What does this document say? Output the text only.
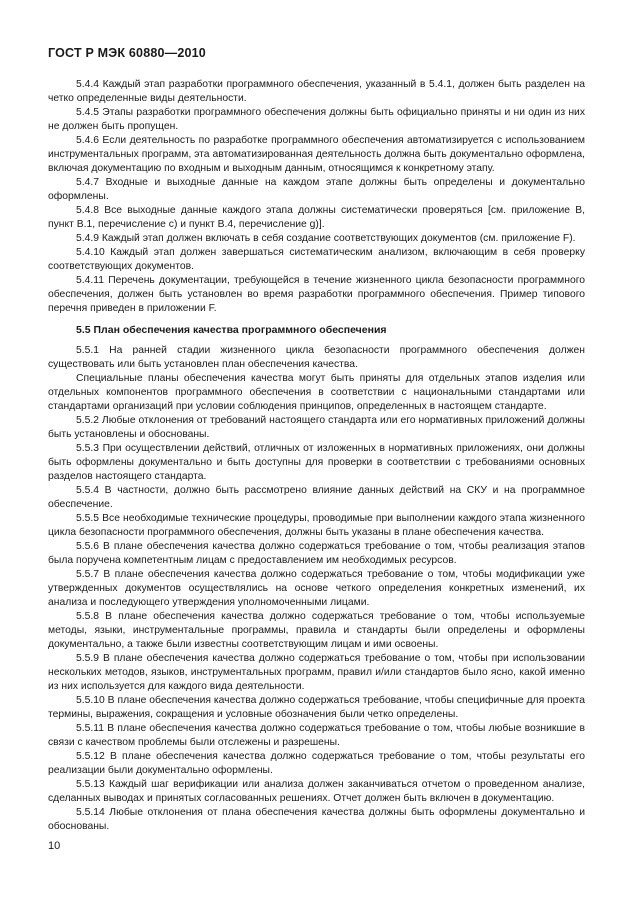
ГОСТ Р МЭК 60880—2010

5.4.4 Каждый этап разработки программного обеспечения, указанный в 5.4.1, должен быть разделен на четко определенные виды деятельности.

5.4.5 Этапы разработки программного обеспечения должны быть официально приняты и ни один из них не должен быть пропущен.

5.4.6 Если деятельность по разработке программного обеспечения автоматизируется с использованием инструментальных программ, эта автоматизированная деятельность должна быть документально оформлена, включая документацию по входным и выходным данным, относящимся к конкретному этапу.

5.4.7 Входные и выходные данные на каждом этапе должны быть определены и документально оформлены.

5.4.8 Все выходные данные каждого этапа должны систематически проверяться [см. приложение В, пункт В.1, перечисление с) и пункт В.4, перечисление g)].

5.4.9 Каждый этап должен включать в себя создание соответствующих документов (см. приложение F).

5.4.10 Каждый этап должен завершаться систематическим анализом, включающим в себя проверку соответствующих документов.

5.4.11 Перечень документации, требующейся в течение жизненного цикла безопасности программного обеспечения, должен быть установлен во время разработки программного обеспечения. Пример типового перечня приведен в приложении F.

5.5 План обеспечения качества программного обеспечения

5.5.1 На ранней стадии жизненного цикла безопасности программного обеспечения должен существовать или быть установлен план обеспечения качества.

Специальные планы обеспечения качества могут быть приняты для отдельных этапов изделия или отдельных компонентов программного обеспечения в соответствии с национальными стандартами или стандартами организаций при условии соблюдения принципов, определенных в настоящем стандарте.

5.5.2 Любые отклонения от требований настоящего стандарта или его нормативных приложений должны быть установлены и обоснованы.

5.5.3 При осуществлении действий, отличных от изложенных в нормативных приложениях, они должны быть оформлены документально и быть доступны для проверки в соответствии с требованиями основных разделов настоящего стандарта.

5.5.4 В частности, должно быть рассмотрено влияние данных действий на СКУ и на программное обеспечение.

5.5.5 Все необходимые технические процедуры, проводимые при выполнении каждого этапа жизненного цикла безопасности программного обеспечения, должны быть указаны в плане обеспечения качества.

5.5.6 В плане обеспечения качества должно содержаться требование о том, чтобы реализация этапов была поручена компетентным лицам с предоставлением им необходимых ресурсов.

5.5.7 В плане обеспечения качества должно содержаться требование о том, чтобы модификации уже утвержденных документов осуществлялись на основе четкого определения конкретных изменений, их анализа и последующего утверждения уполномоченными лицами.

5.5.8 В плане обеспечения качества должно содержаться требование о том, чтобы используемые методы, языки, инструментальные программы, правила и стандарты были определены и оформлены документально, а также были известны соответствующим лицам и ими освоены.

5.5.9 В плане обеспечения качества должно содержаться требование о том, чтобы при использовании нескольких методов, языков, инструментальных программ, правил и/или стандартов было ясно, какой именно из них используется для каждого вида деятельности.

5.5.10 В плане обеспечения качества должно содержаться требование, чтобы специфичные для проекта термины, выражения, сокращения и условные обозначения были четко определены.

5.5.11 В плане обеспечения качества должно содержаться требование о том, чтобы любые возникшие в связи с качеством проблемы были отслежены и разрешены.

5.5.12 В плане обеспечения качества должно содержаться требование о том, чтобы результаты его реализации были документально оформлены.

5.5.13 Каждый шаг верификации или анализа должен заканчиваться отчетом о проведенном анализе, сделанных выводах и принятых согласованных решениях. Отчет должен быть включен в документацию.

5.5.14 Любые отклонения от плана обеспечения качества должны быть оформлены документально и обоснованы.

10
